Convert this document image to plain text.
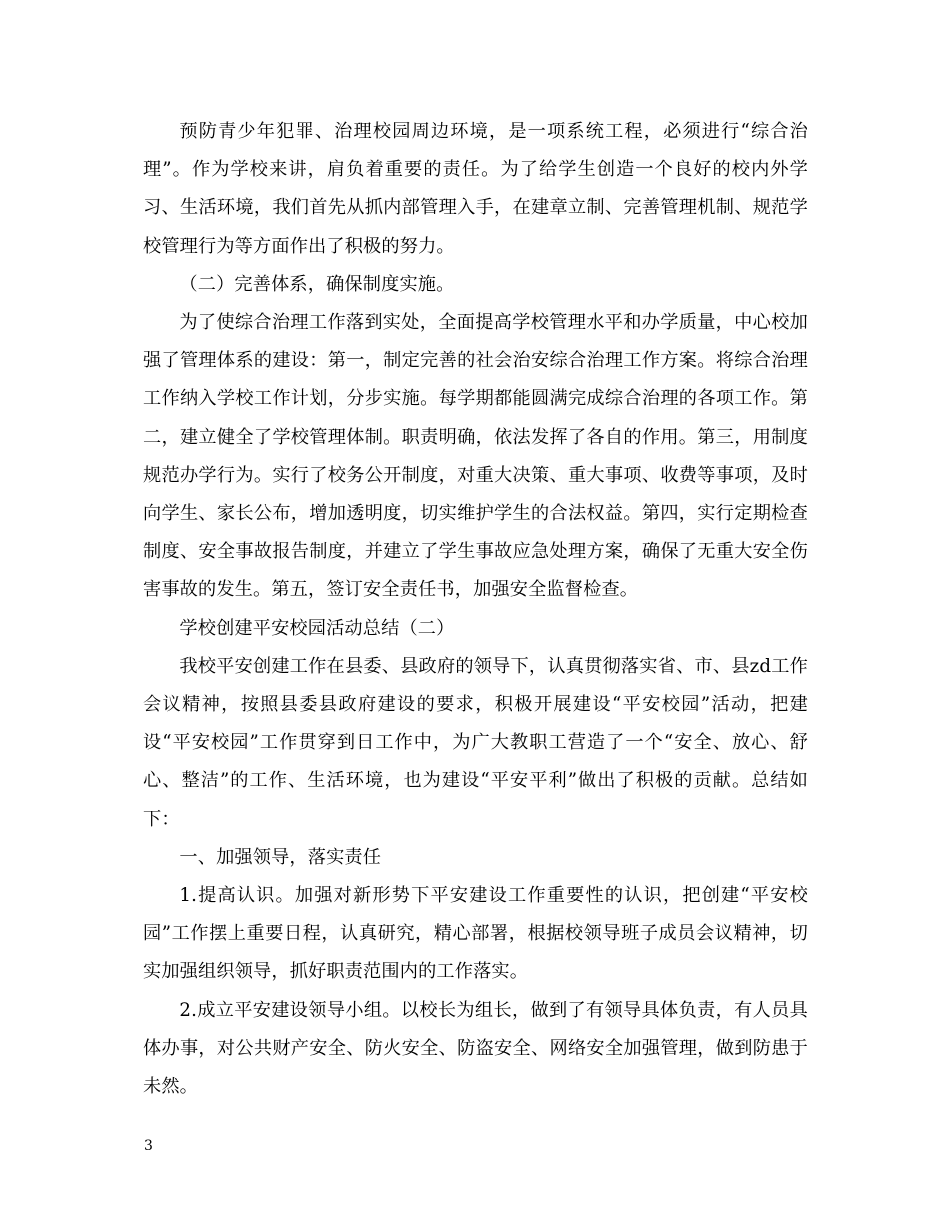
预防青少年犯罪、治理校园周边环境，是一项系统工程，必须进行“综合治理”。作为学校来讲，肩负着重要的责任。为了给学生创造一个良好的校内外学习、生活环境，我们首先从抓内部管理入手，在建章立制、完善管理机制、规范学校管理行为等方面作出了积极的努力。

（二）完善体系，确保制度实施。

为了使综合治理工作落到实处，全面提高学校管理水平和办学质量，中心校加强了管理体系的建设：第一，制定完善的社会治安综合治理工作方案。将综合治理工作纳入学校工作计划，分步实施。每学期都能圆满完成综合治理的各项工作。第二，建立健全了学校管理体制。职责明确，依法发挥了各自的作用。第三，用制度规范办学行为。实行了校务公开制度，对重大决策、重大事项、收费等事项，及时向学生、家长公布，增加透明度，切实维护学生的合法权益。第四，实行定期检查制度、安全事故报告制度，并建立了学生事故应急处理方案，确保了无重大安全伤害事故的发生。第五，签订安全责任书，加强安全监督检查。

学校创建平安校园活动总结（二）

我校平安创建工作在县委、县政府的领导下，认真贯彻落实省、市、县zd工作会议精神，按照县委县政府建设的要求，积极开展建设“平安校园”活动，把建设“平安校园”工作贯穿到日工作中，为广大教职工营造了一个“安全、放心、舒心、整洁”的工作、生活环境，也为建设“平安平利”做出了积极的贡献。总结如下：

一、加强领导，落实责任

1.提高认识。加强对新形势下平安建设工作重要性的认识，把创建“平安校园”工作摆上重要日程，认真研究，精心部署，根据校领导班子成员会议精神，切实加强组织领导，抓好职责范围内的工作落实。

2.成立平安建设领导小组。以校长为组长，做到了有领导具体负责，有人员具体办事，对公共财产安全、防火安全、防盗安全、网络安全加强管理，做到防患于未然。

3
